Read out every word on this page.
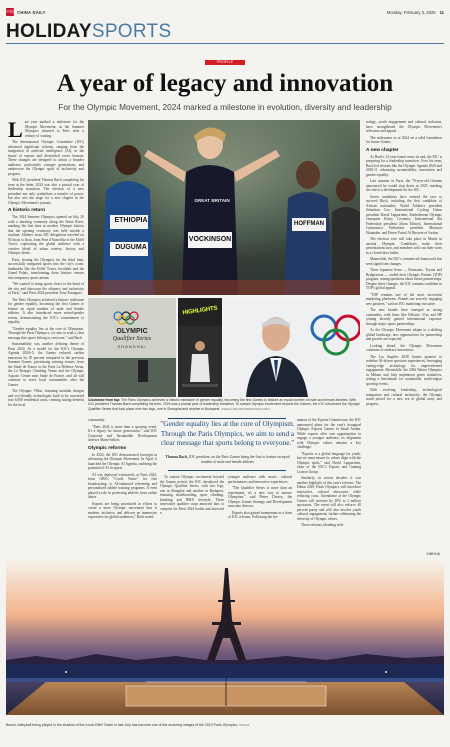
中国 CHINA DAILY	Monday, February 3, 2025 11
HOLIDAYSPORTS
PROFILE
A year of legacy and innovation
For the Olympic Movement, 2024 marked a milestone in evolution, diversity and leadership

Last year marked a milestone for the Olympic Movement, as the Summer Olympics returned to Paris after a century of waiting.

The International Olympic Committee (IOC) advanced significant reforms, ranging from the integration of artificial intelligence (AI), to the future of esports and diversified event formats. These changes are designed to attract a broader audience, particularly younger generations, and underscore the Olympic spirit of inclusivity and progress.

With IOC president Thomas Bach completing his term at the helm, 2024 was also a pivotal year of leadership transition. The election of a new president not only symbolizes a transfer of power, but also sets the stage for a new chapter in the Olympic Movement's journey.

A historic return

The 2024 Summer Olympics opened on July 26 with a dazzling ceremony along the Seine River, marking the first time in modern Olympic history that the opening ceremony was held outside a stadium. Athletes from 205 delegations traveled on 94 boats to float, from Pont d'Austerlitz to the Eiffel Tower, captivating the global audience with a creative blend of urban scenery, history and Olympic ideals.

Paris, hosting the Olympics for the third time, successfully integrated sports into the city's iconic landmarks like the Eiffel Tower, Invalides and the Grand Palais, transforming these historic venues into temporary sports arenas.

"We wanted to bring sports closer to the heart of the city and showcase the vibrancy and inclusivity of Paris," said Paris 2024 president Tony Estanguet.

The Paris Olympics achieved a historic milestone for gender equality, becoming the first Games to feature an equal number of male and female athletes. It also introduced more mixed-gender events, demonstrating the IOC's commitment to equality.

"Gender equality lies at the core of Olympism. Through the Paris Olympics, we aim to send a clear message that sports belong to everyone," said Bach.

Sustainability was another defining theme of Paris 2024. As a model for the IOC's Olympic Agenda 2020+5, the Games reduced carbon emissions by 50 percent compared to the previous Summer Games, prioritizing existing venues, from the Stade de France to the Paris La Défense Arena, the Le Bourget Climbing Venue and the Olympic Aquatic Centre near Stade de France, and all will continue to serve local communities after the Games.

The Olympic Villas, featuring modular designs and eco-friendly technologies built to be converted into 6,000 residential units, creating lasting benefits for the local

ETHIOPIA
DUGUMA
GREAT BRITAIN
VOCKINSON
HOFFMAN
OLYMPIC
Qualifier Series
SHANGHAI
HIGHLIGHTS
Clockwise from top: The Paris Olympics achieved a historic milestone in gender equality, becoming the first Games to feature an equal number of male and female athletes. With IOC president Thomas Bach completing his term, 2024 was a pivotal year of leadership transition. To sustain Olympic excitement beyond the Games, the IOC introduced the Olympic Qualifier Series that took place over two legs, one in Shanghai and another in Budapest. XINHUA AND REUTERS/CHINA DAILY

community.

"Paris 2024 is more than a sporting event. It's a legacy for future generations," said IOC Corporate and Sustainable Development director Marie Sallois.

Olympic reforms

In 2024, the IOC demonstrated foresight in advancing the Olympic Movement. In April, it launched the Olympic AI Agenda, outlining the potential of AI in sports.

AI was deployed extensively at Paris 2024, from OBS's "Covid Venue" for free broadcasting, to AI-enhanced refereeing and personalized athlete training programs. It even played a role in protecting athletes from online abuse.

Esports are being prioritized in efforts to create a more Olympic movement that is modern, inclusive, and delivers an immersive experience for global audiences," Bach noted.

"Gender equality lies at the core of Olympism. Through the Paris Olympics, we aim to send a clear message that sports belong to everyone."
Thomas Bach, IOC president, on the Paris Games being the first to feature an equal number of male and female athletes

To sustain Olympic excitement beyond the Games period, the IOC introduced the Olympic Qualifier Series, with two legs, one in Shanghai and another in Budapest, featuring skateboarding, sport climbing, breaking and BMX freestyle. These innovative qualifier stops attracted fans to compete for Paris 2024 berths and attracted a

younger audience with music, cultural performances and interactive experiences.

"The Qualifier Series is more than an experiment; it's a new way to nurture Olympism," said Pierre Ducrey, the Olympic Games Strategy and Development associate director.

Esports also gained momentum as a form of IOC reforms. Following the for-

mation of the Esports Commission, the IOC announced plans for the year's inaugural Olympic Esports Games in Saudi Arabia. While esports offer vast opportunities to engage a younger audience, its alignment with Olympic values remains a key challenge.

"Esports is a global language for youth, but we must ensure its values align with the Olympic spirit," said David Lappartient, chair of the IOC's Esports and Gaming Liaison Group.

Similarly, in recent decades it was another highlight of this year's reforms. The Dakar 2026 Youth Olympics will introduce innovative, cultural showcases while reducing costs. Attendance at the Olympic Games will increase by 20% to 2 million spectators. The event will also enforce 40 percent parity and will also involve youth cultural engagement, further celebrating the diversity of Olympic values.

These reforms, blending tech-

nology, youth engagement and cultural inclusion, have strengthened the Olympic Movement's relevance and appeal.

The milestones as of 2024 set a solid foundation for future Games.

A new chapter

As Bach's 12-year tenure nears its end, the IOC is preparing for a leadership transition. Over his term, Bach led reforms like the Olympic Agenda 2020 and 2020+5, advancing sustainability, innovation and gender equality.

Last summer in Paris, the 70-year-old German announced he would step down in 2025, marking the end of a development for the IOC.

Seven candidates have entered the race to succeed Bach, including the first candidate of African nationality. World Athletics president Sebastian Coe, International Cycling Union president David Lappartient, Zimbabwean Olympic champion Kirsty Coventry, International Ski Federation president Johan Eliasch, International Gymnastics Federation president Morinari Watanabe, and Prince Faisal Al Hussein of Jordan.

The election vote will take place in March in ancient Olympia. Candidates make their presentations now, and members will cast their votes in a closed-door ballot.

Meanwhile, the IOC's commercial framework has seen significant changes.

Three Japanese firms — Panasonic, Toyota and Bridgestone — ended their Olympic Partner (TOP) program, raising questions about future partnerships. Despite these changes, the IOC remains confident in TOP's global appeal.

"TOP remains one of the most successful marketing platforms. Brands are actively engaging new partners," said an IOC marketing executive.

The new brands have emerged as strong contenders, with firms like Deloitte, Vivo and HP joining already gained international exposure through major sports partnerships.

As the Olympic Movement adapts to a shifting global landscape, new opportunities for partnership and growth are expected.

Looking ahead, the Olympic Movement continues to embrace innovation.

The Los Angeles 2028 Games promise to redefine AI-driven spectator experiences, leveraging cutting-edge technology for unprecedented engagement. Meanwhile, the 2026 Winter Olympics in Milano and Italy implement green initiatives, setting a benchmark for sustainable, multi-region sporting events.

With evolving leadership, technological integration and cultural inclusivity, the Olympic stand poised for a new era of global unity and progress.

XINHUA
Beach volleyball being played in the shadow of the iconic Eiffel Tower in late July has become one of the enduring images of the 2024 Paris Olympics. XINHUA
